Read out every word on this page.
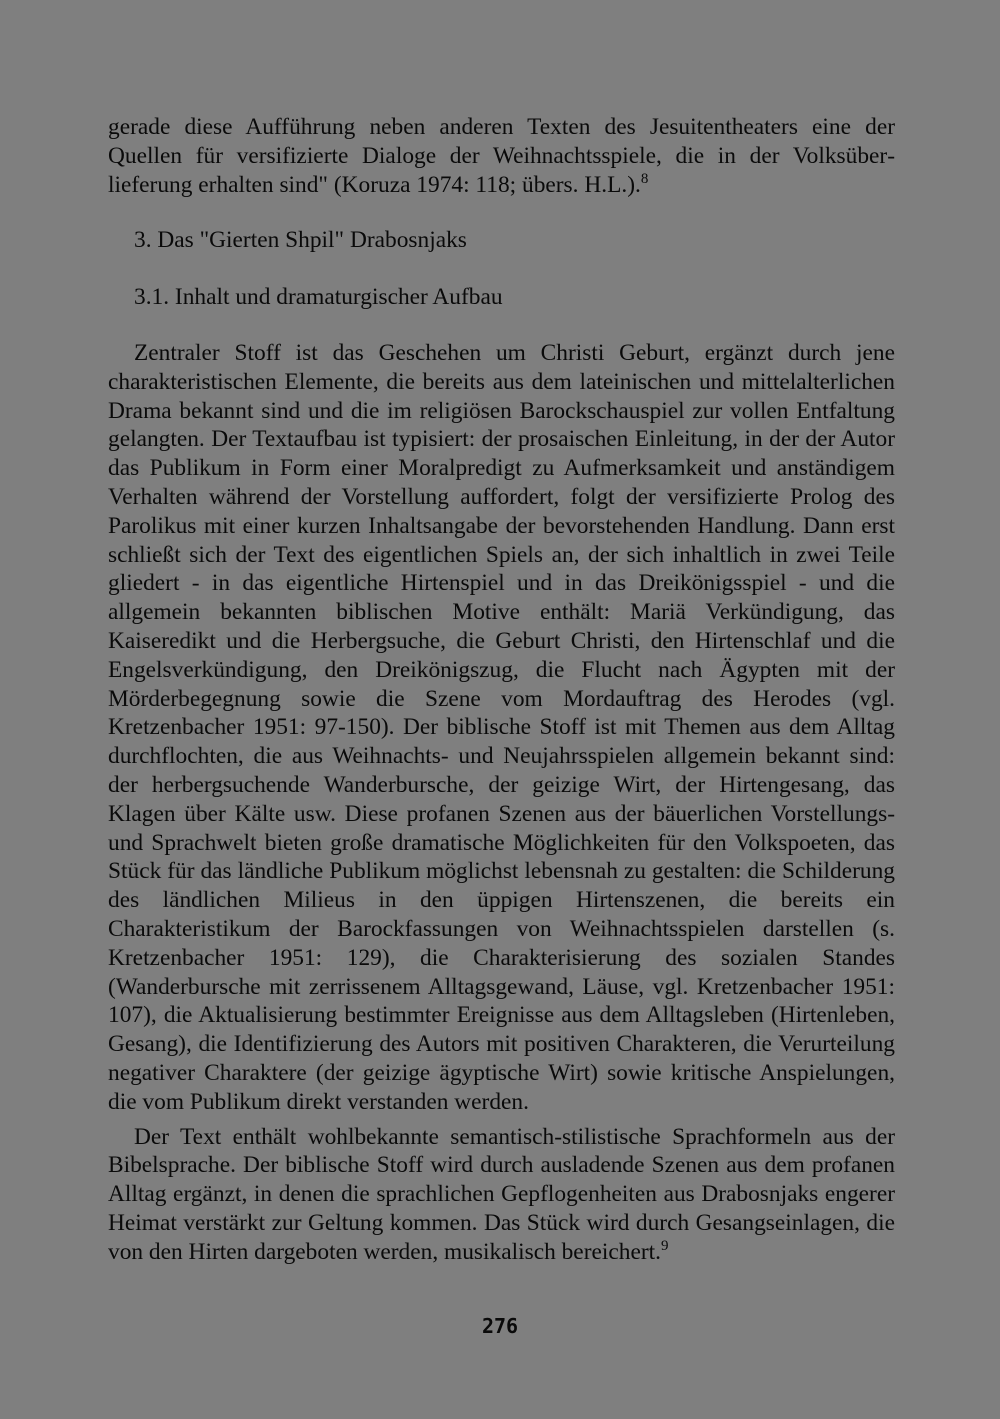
gerade diese Aufführung neben anderen Texten des Jesuitentheaters eine der Quellen für versifizierte Dialoge der Weihnachtsspiele, die in der Volksüberlieferung erhalten sind" (Koruza 1974: 118; übers. H.L.).$^8$

3. Das "Gierten Shpil" Drabosnjaks
3.1. Inhalt und dramaturgischer Aufbau

Zentraler Stoff ist das Geschehen um Christi Geburt, ergänzt durch jene charakteristischen Elemente, die bereits aus dem lateinischen und mittelalterlichen Drama bekannt sind und die im religiösen Barockschauspiel zur vollen Entfaltung gelangten. Der Textaufbau ist typisiert: der prosaischen Einleitung, in der der Autor das Publikum in Form einer Moralpredigt zu Aufmerksamkeit und anständigem Verhalten während der Vorstellung auffordert, folgt der versifizierte Prolog des Parolikus mit einer kurzen Inhaltsangabe der bevorstehenden Handlung. Dann erst schließt sich der Text des eigentlichen Spiels an, der sich inhaltlich in zwei Teile gliedert - in das eigentliche Hirtenspiel und in das Dreikönigsspiel - und die allgemein bekannten biblischen Motive enthält: Mariä Verkündigung, das Kaiseredikt und die Herbergsuche, die Geburt Christi, den Hirtenschlaf und die Engelsverkündigung, den Dreikönigszug, die Flucht nach Ägypten mit der Mörderbegegnung sowie die Szene vom Mordauftrag des Herodes (vgl. Kretzenbacher 1951: 97-150). Der biblische Stoff ist mit Themen aus dem Alltag durchflochten, die aus Weihnachts- und Neujahrsspielen allgemein bekannt sind: der herbergsuchende Wanderbursche, der geizige Wirt, der Hirtengesang, das Klagen über Kälte usw. Diese profanen Szenen aus der bäuerlichen Vorstellungs- und Sprachwelt bieten große dramatische Möglichkeiten für den Volkspoeten, das Stück für das ländliche Publikum möglichst lebensnah zu gestalten: die Schilderung des ländlichen Milieus in den üppigen Hirtenszenen, die bereits ein Charakteristikum der Barockfassungen von Weihnachtsspielen darstellen (s. Kretzenbacher 1951: 129), die Charakterisierung des sozialen Standes (Wanderbursche mit zerrissenem Alltagsgewand, Läuse, vgl. Kretzenbacher 1951: 107), die Aktualisierung bestimmter Ereignisse aus dem Alltagsleben (Hirtenleben, Gesang), die Identifizierung des Autors mit positiven Charakteren, die Verurteilung negativer Charaktere (der geizige ägyptische Wirt) sowie kritische Anspielungen, die vom Publikum direkt verstanden werden.

Der Text enthält wohlbekannte semantisch-stilistische Sprachformeln aus der Bibelsprache. Der biblische Stoff wird durch ausladende Szenen aus dem profanen Alltag ergänzt, in denen die sprachlichen Gepflogenheiten aus Drabosnjaks engerer Heimat verstärkt zur Geltung kommen. Das Stück wird durch Gesangseinlagen, die von den Hirten dargeboten werden, musikalisch bereichert.$^9$

276
